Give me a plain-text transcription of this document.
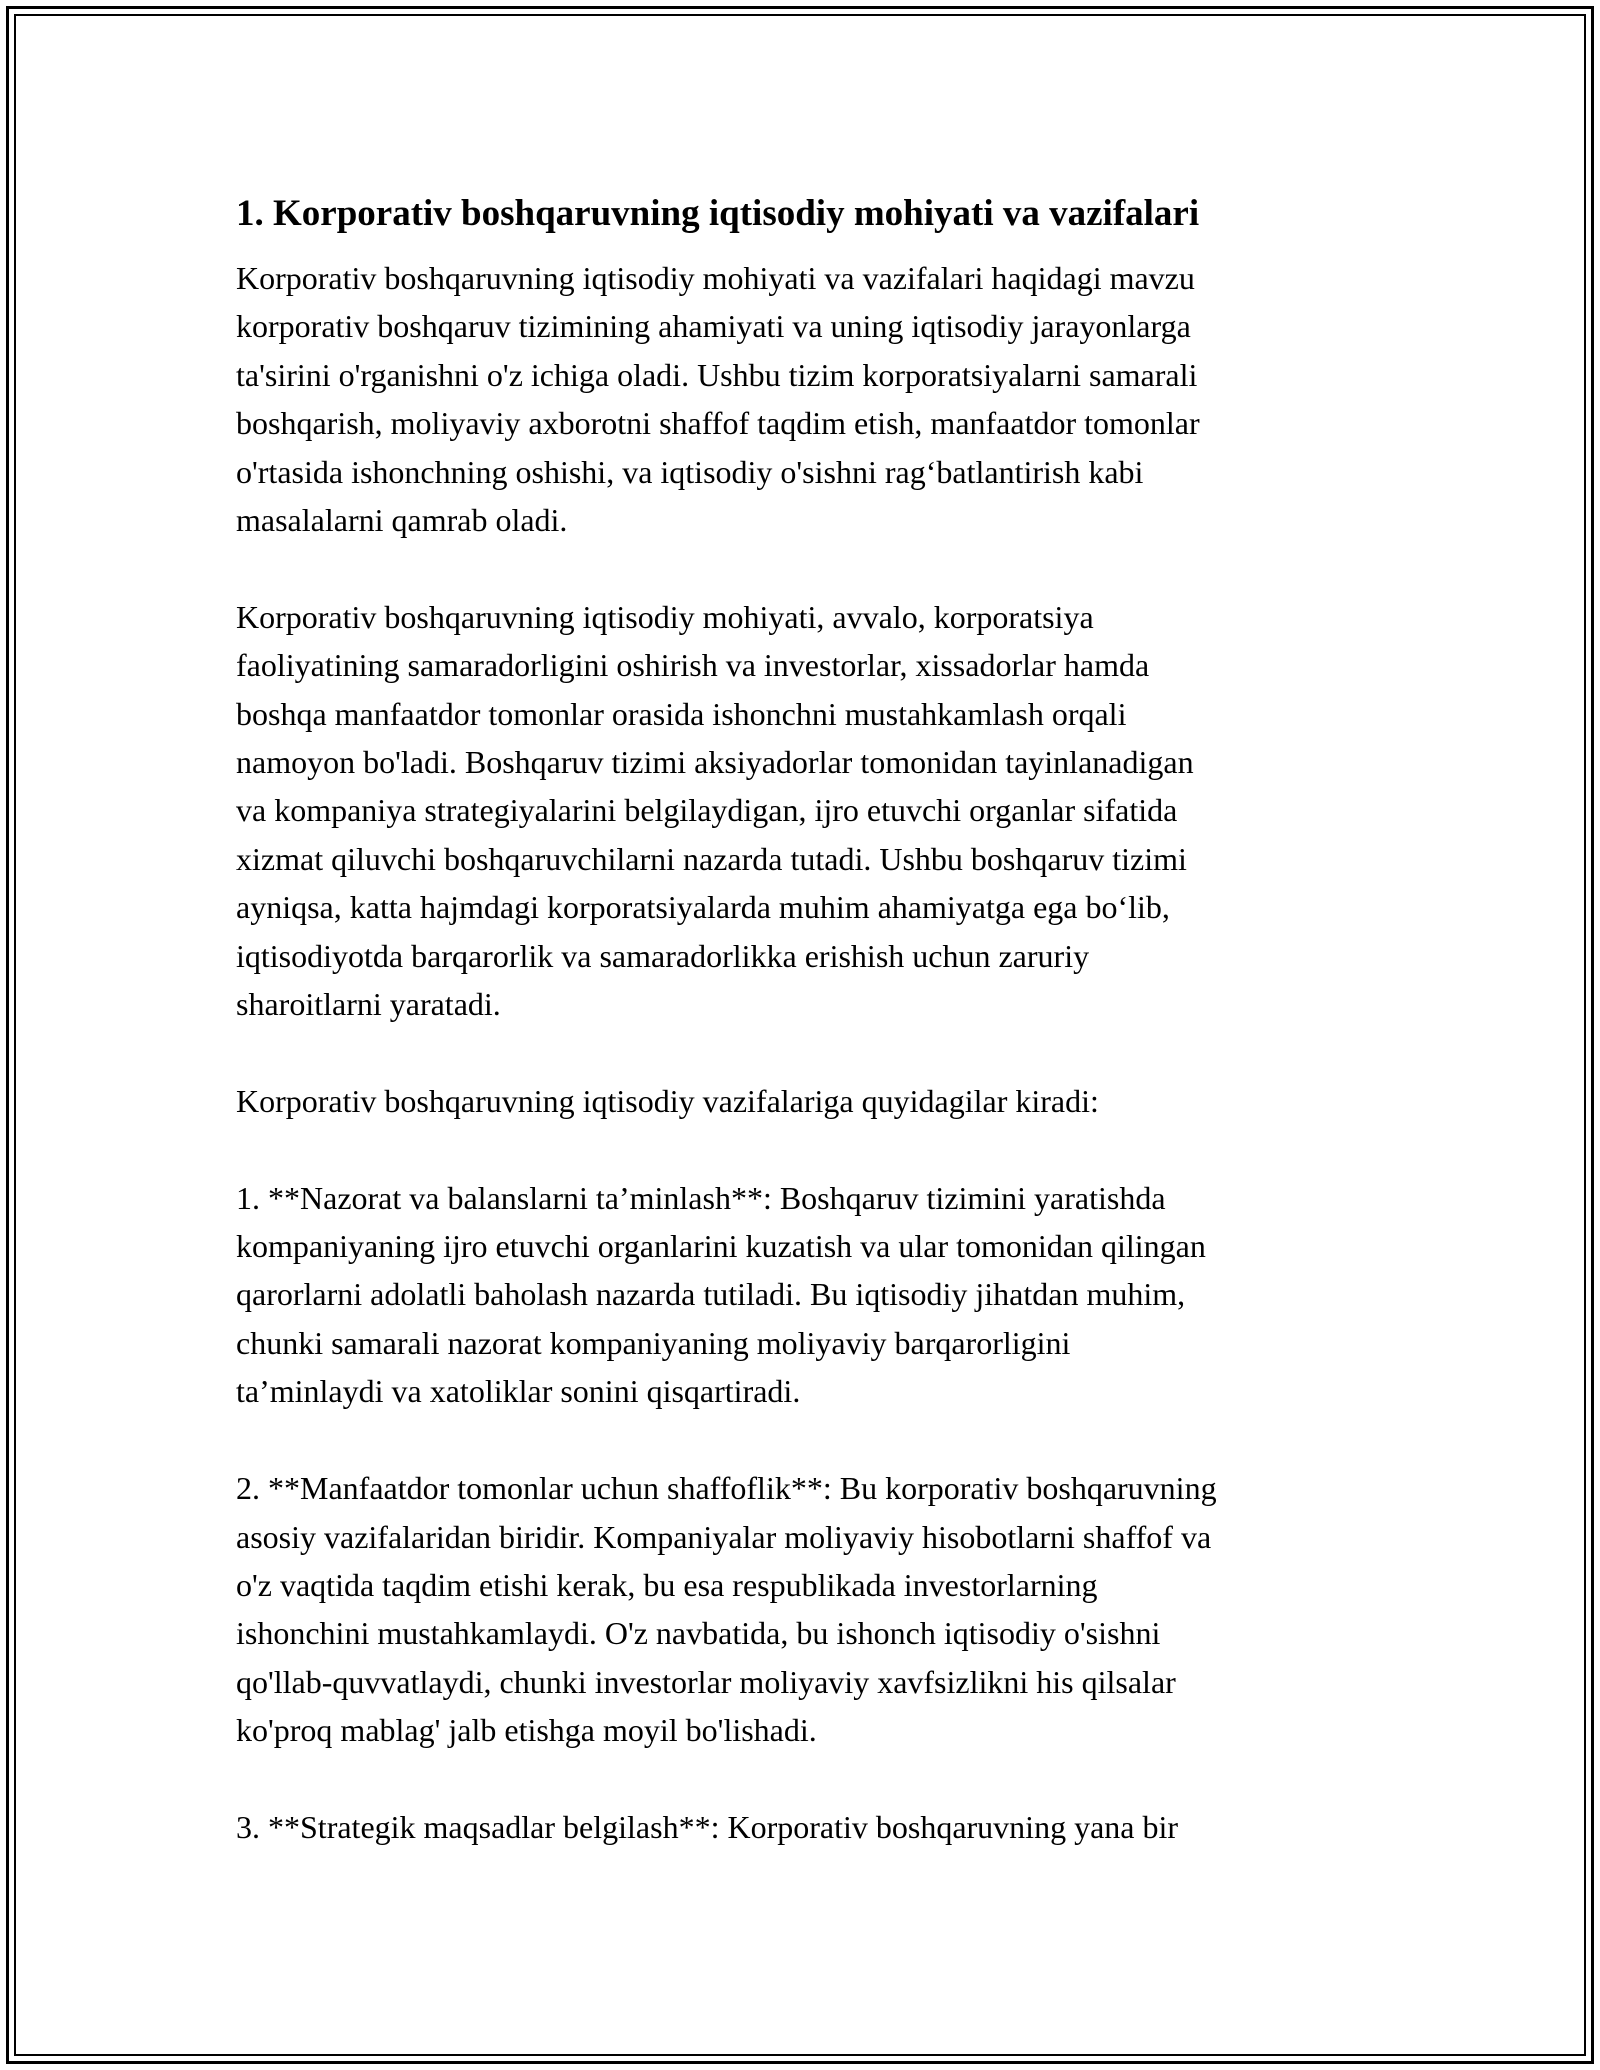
1. Korporativ boshqaruvning iqtisodiy mohiyati va vazifalari
Korporativ boshqaruvning iqtisodiy mohiyati va vazifalari haqidagi mavzu
korporativ boshqaruv tizimining ahamiyati va uning iqtisodiy jarayonlarga
ta'sirini o'rganishni o'z ichiga oladi. Ushbu tizim korporatsiyalarni samarali
boshqarish, moliyaviy axborotni shaffof taqdim etish, manfaatdor tomonlar
o'rtasida ishonchning oshishi, va iqtisodiy o'sishni rag‘batlantirish kabi
masalalarni qamrab oladi.
Korporativ boshqaruvning iqtisodiy mohiyati, avvalo, korporatsiya
faoliyatining samaradorligini oshirish va investorlar, xissadorlar hamda
boshqa manfaatdor tomonlar orasida ishonchni mustahkamlash orqali
namoyon bo'ladi. Boshqaruv tizimi aksiyadorlar tomonidan tayinlanadigan
va kompaniya strategiyalarini belgilaydigan, ijro etuvchi organlar sifatida
xizmat qiluvchi boshqaruvchilarni nazarda tutadi. Ushbu boshqaruv tizimi
ayniqsa, katta hajmdagi korporatsiyalarda muhim ahamiyatga ega bo‘lib,
iqtisodiyotda barqarorlik va samaradorlikka erishish uchun zaruriy
sharoitlarni yaratadi.
Korporativ boshqaruvning iqtisodiy vazifalariga quyidagilar kiradi:
1. **Nazorat va balanslarni ta’minlash**: Boshqaruv tizimini yaratishda
kompaniyaning ijro etuvchi organlarini kuzatish va ular tomonidan qilingan
qarorlarni adolatli baholash nazarda tutiladi. Bu iqtisodiy jihatdan muhim,
chunki samarali nazorat kompaniyaning moliyaviy barqarorligini
ta’minlaydi va xatoliklar sonini qisqartiradi.
2. **Manfaatdor tomonlar uchun shaffoflik**: Bu korporativ boshqaruvning
asosiy vazifalaridan biridir. Kompaniyalar moliyaviy hisobotlarni shaffof va
o'z vaqtida taqdim etishi kerak, bu esa respublikada investorlarning
ishonchini mustahkamlaydi. O'z navbatida, bu ishonch iqtisodiy o'sishni
qo'llab-quvvatlaydi, chunki investorlar moliyaviy xavfsizlikni his qilsalar
ko'proq mablag' jalb etishga moyil bo'lishadi.
3. **Strategik maqsadlar belgilash**: Korporativ boshqaruvning yana bir
